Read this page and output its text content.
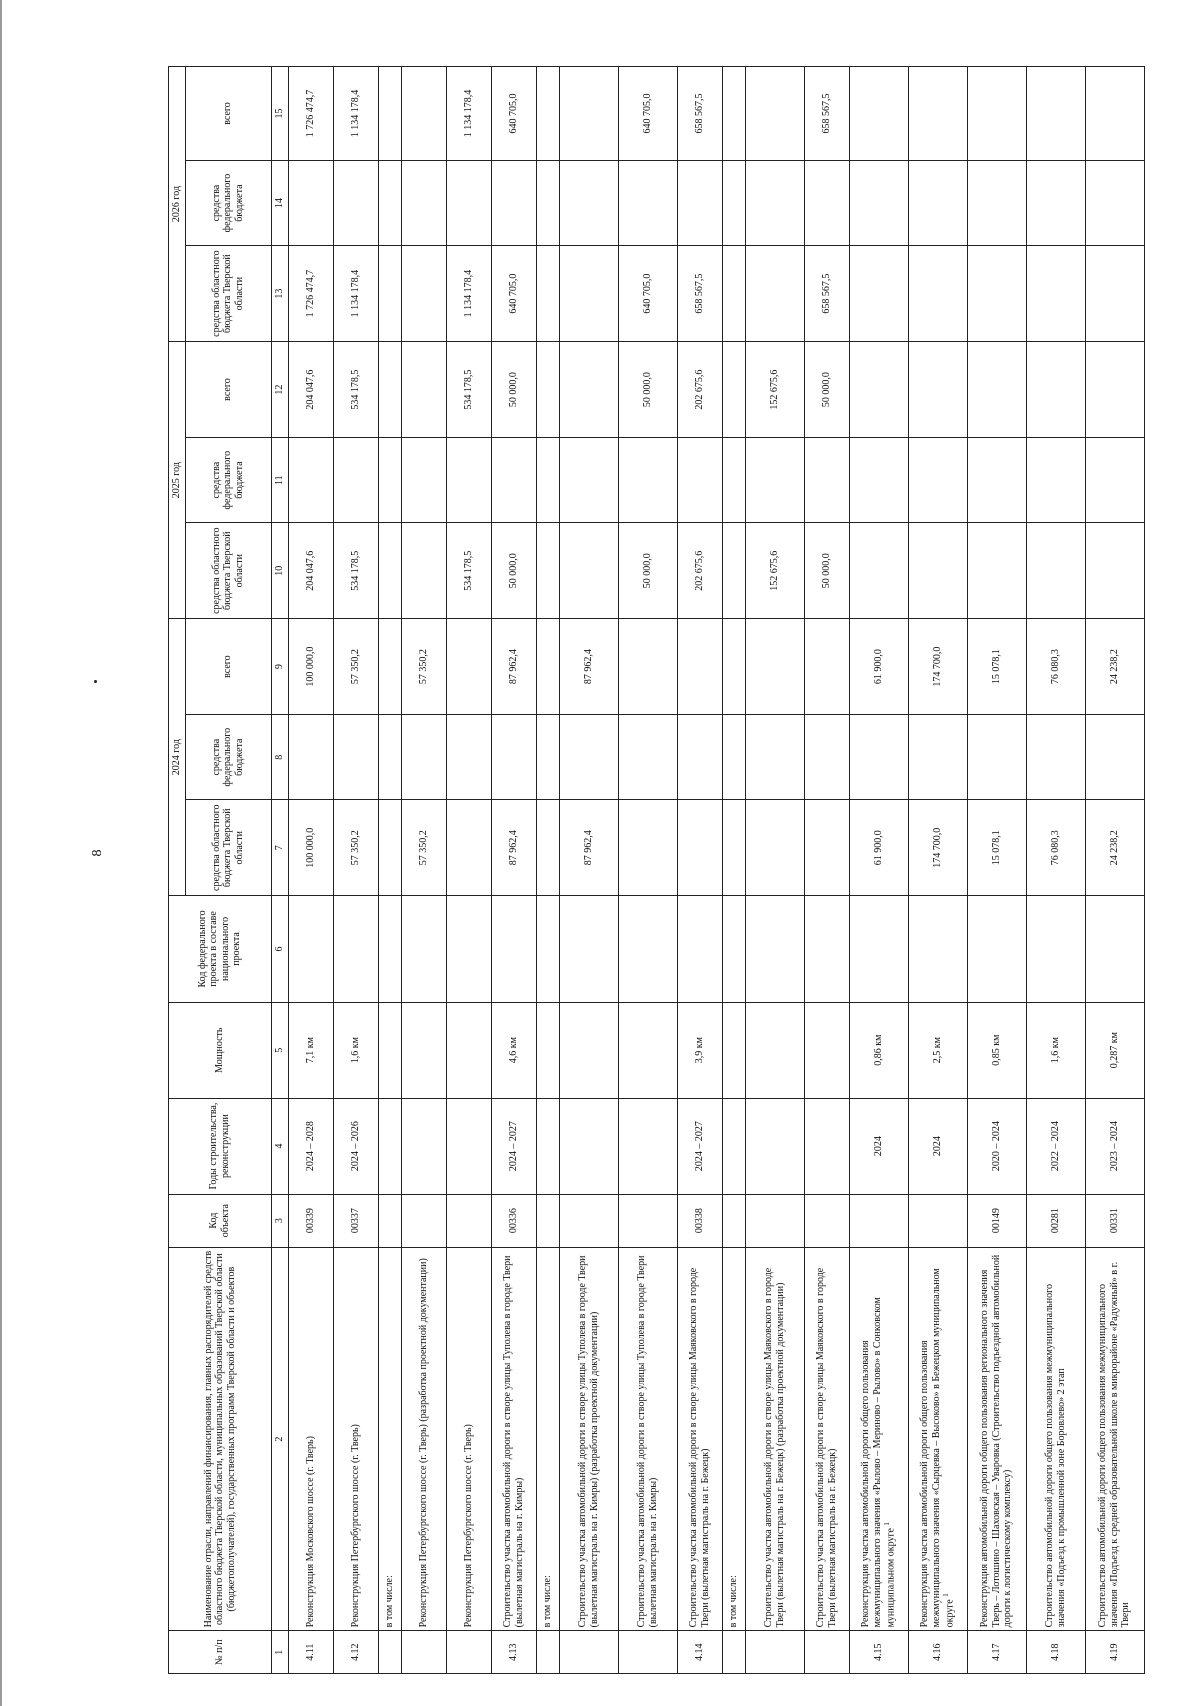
8
№ п/п	Наименование отрасли, направлений финансирования, главных распорядителей средств областного бюджета Тверской области, муниципальных образований Тверской области (бюджетополучателей), государственных программ Тверской области и объектов	Код объекта	Годы строительства, реконструкции	Мощность	Код федерального проекта в составе национального проекта	2024 год			2025 год			2026 год		
						средства областного бюджета Тверской области	средства федерального бюджета	всего	средства областного бюджета Тверской области	средства федерального бюджета	всего	средства областного бюджета Тверской области	средства федерального бюджета	всего
1	2	3	4	5	6	7	8	9	10	11	12	13	14	15
4.11	Реконструкция Московского шоссе (г. Тверь)	00339	2024 – 2028	7,1 км		100 000,0		100 000,0	204 047,6		204 047,6	1 726 474,7		1 726 474,7
4.12	Реконструкция Петербургского шоссе (г. Тверь)	00337	2024 – 2026	1,6 км		57 350,2		57 350,2	534 178,5		534 178,5	1 134 178,4		1 134 178,4
	в том числе:													
	Реконструкция Петербургского шоссе (г. Тверь) (разработка проектной документации)					57 350,2		57 350,2						
	Реконструкция Петербургского шоссе (г. Тверь)								534 178,5		534 178,5	1 134 178,4		1 134 178,4
4.13	Строительство участка автомобильной дороги в створе улицы Туполева в городе Твери (вылетная магистраль на г. Кимры)	00336	2024 – 2027	4,6 км		87 962,4		87 962,4	50 000,0		50 000,0	640 705,0		640 705,0
	в том числе:													
	Строительство участка автомобильной дороги в створе улицы Туполева в городе Твери (вылетная магистраль на г. Кимры) (разработка проектной документации)					87 962,4		87 962,4						
	Строительство участка автомобильной дороги в створе улицы Туполева в городе Твери (вылетная магистраль на г. Кимры)								50 000,0		50 000,0	640 705,0		640 705,0
4.14	Строительство участка автомобильной дороги в створе улицы Маяковского в городе Твери (вылетная магистраль на г. Бежецк)	00338	2024 – 2027	3,9 км					202 675,6		202 675,6	658 567,5		658 567,5
	в том числе:													
	Строительство участка автомобильной дороги в створе улицы Маяковского в городе Твери (вылетная магистраль на г. Бежецк) (разработка проектной документации)								152 675,6		152 675,6			
	Строительство участка автомобильной дороги в створе улицы Маяковского в городе Твери (вылетная магистраль на г. Бежецк)								50 000,0		50 000,0	658 567,5		658 567,5
4.15	Реконструкция участка автомобильной дороги общего пользования межмуниципального значения «Рылово – Мериново – Рылово» в Сонковском муниципальном округе $^1$		2024	0,86 км		61 900,0		61 900,0						
4.16	Реконструкция участка автомобильной дороги общего пользования межмуниципального значения «Сырцевка – Высоково» в Бежецком муниципальном округе $^1$		2024	2,5 км		174 700,0		174 700,0						
4.17	Реконструкция автомобильной дороги общего пользования регионального значения Тверь – Лотошино – Шаховская – Уваровка (Строительство подъездной автомобильной дороги к логистическому комплексу)	00149	2020 – 2024	0,85 км		15 078,1		15 078,1						
4.18	Строительство автомобильной дороги общего пользования межмуниципального значения «Подъезд к промышленной зоне Боровлево» 2 этап	00281	2022 – 2024	1,6 км		76 080,3		76 080,3						
4.19	Строительство автомобильной дороги общего пользования межмуниципального значения «Подъезд к средней образовательной школе в микрорайоне «Радужный» в г. Твери	00331	2023 – 2024	0,287 км		24 238,2		24 238,2						
